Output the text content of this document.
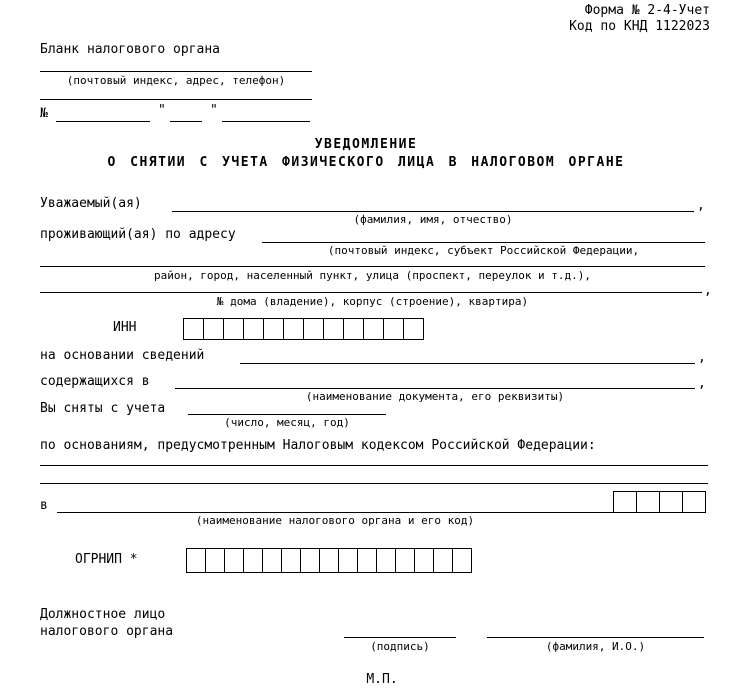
Форма № 2-4-Учет
Код по КНД 1122023
Бланк налогового органа
(почтовый индекс, адрес, телефон)
№	"	"
УВЕДОМЛЕНИЕ
О СНЯТИИ С УЧЕТА ФИЗИЧЕСКОГО ЛИЦА В НАЛОГОВОМ ОРГАНЕ
Уважаемый(ая)	,
(фамилия, имя, отчество)
проживающий(ая) по адресу
(почтовый индекс, субъект Российской Федерации,
район, город, населенный пункт, улица (проспект, переулок и т.д.),
,
№ дома (владение), корпус (строение), квартира)
ИНН
на основании сведений	,
содержащихся в	,
(наименование документа, его реквизиты)
Вы сняты с учета
(число, месяц, год)
по основаниям, предусмотренным Налоговым кодексом Российской Федерации:
в
(наименование налогового органа и его код)
ОГРНИП *
Должностное лицо
налогового органа
(подпись)	(фамилия, И.О.)
М.П.
